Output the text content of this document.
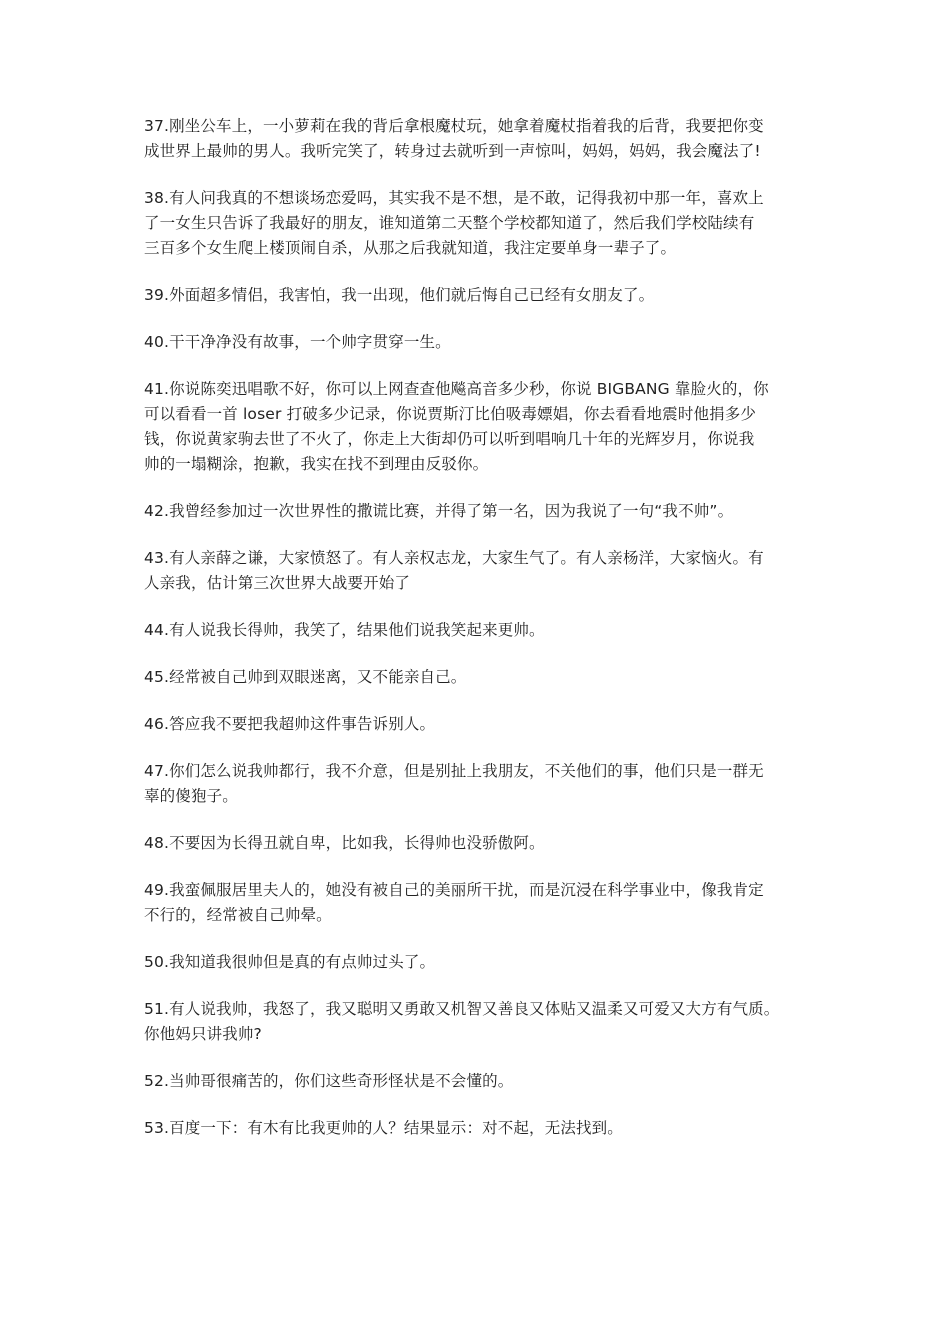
37.刚坐公车上，一小萝莉在我的背后拿根魔杖玩，她拿着魔杖指着我的后背，我要把你变
成世界上最帅的男人。我听完笑了，转身过去就听到一声惊叫，妈妈，妈妈，我会魔法了!

38.有人问我真的不想谈场恋爱吗，其实我不是不想，是不敢，记得我初中那一年，喜欢上
了一女生只告诉了我最好的朋友，谁知道第二天整个学校都知道了，然后我们学校陆续有
三百多个女生爬上楼顶闹自杀，从那之后我就知道，我注定要单身一辈子了。

39.外面超多情侣，我害怕，我一出现，他们就后悔自己已经有女朋友了。

40.干干净净没有故事，一个帅字贯穿一生。

41.你说陈奕迅唱歌不好，你可以上网查查他飚高音多少秒，你说 BIGBANG 靠脸火的，你
可以看看一首 loser 打破多少记录，你说贾斯汀比伯吸毒嫖娼，你去看看地震时他捐多少
钱，你说黄家驹去世了不火了，你走上大街却仍可以听到唱响几十年的光辉岁月，你说我
帅的一塌糊涂，抱歉，我实在找不到理由反驳你。

42.我曾经参加过一次世界性的撒谎比赛，并得了第一名，因为我说了一句“我不帅”。

43.有人亲薛之谦，大家愤怒了。有人亲权志龙，大家生气了。有人亲杨洋，大家恼火。有
人亲我，估计第三次世界大战要开始了

44.有人说我长得帅，我笑了，结果他们说我笑起来更帅。

45.经常被自己帅到双眼迷离，又不能亲自己。

46.答应我不要把我超帅这件事告诉别人。

47.你们怎么说我帅都行，我不介意，但是别扯上我朋友，不关他们的事，他们只是一群无
辜的傻狍子。

48.不要因为长得丑就自卑，比如我，长得帅也没骄傲阿。

49.我蛮佩服居里夫人的，她没有被自己的美丽所干扰，而是沉浸在科学事业中，像我肯定
不行的，经常被自己帅晕。

50.我知道我很帅但是真的有点帅过头了。

51.有人说我帅，我怒了，我又聪明又勇敢又机智又善良又体贴又温柔又可爱又大方有气质。
你他妈只讲我帅?

52.当帅哥很痛苦的，你们这些奇形怪状是不会懂的。

53.百度一下：有木有比我更帅的人？结果显示：对不起，无法找到。
